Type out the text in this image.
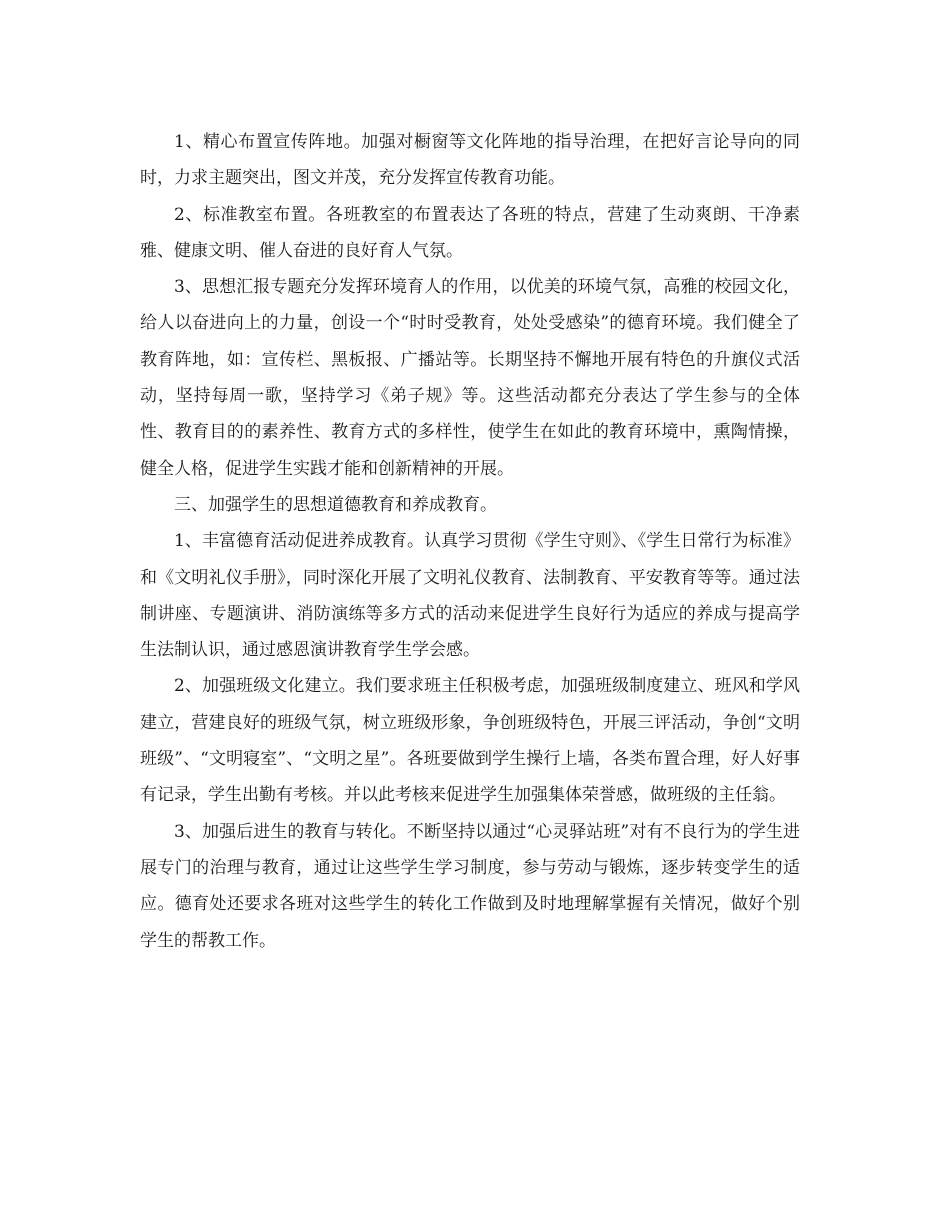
1、精心布置宣传阵地。加强对橱窗等文化阵地的指导治理，在把好言论导向的同时，力求主题突出，图文并茂，充分发挥宣传教育功能。

2、标准教室布置。各班教室的布置表达了各班的特点，营建了生动爽朗、干净素雅、健康文明、催人奋进的良好育人气氛。

3、思想汇报专题充分发挥环境育人的作用，以优美的环境气氛，高雅的校园文化，给人以奋进向上的力量，创设一个“时时受教育，处处受感染”的德育环境。我们健全了教育阵地，如：宣传栏、黑板报、广播站等。长期坚持不懈地开展有特色的升旗仪式活动，坚持每周一歌，坚持学习《弟子规》等。这些活动都充分表达了学生参与的全体性、教育目的的素养性、教育方式的多样性，使学生在如此的教育环境中，熏陶情操，健全人格，促进学生实践才能和创新精神的开展。

三、加强学生的思想道德教育和养成教育。

1、丰富德育活动促进养成教育。认真学习贯彻《学生守则》、《学生日常行为标准》和《文明礼仪手册》，同时深化开展了文明礼仪教育、法制教育、平安教育等等。通过法制讲座、专题演讲、消防演练等多方式的活动来促进学生良好行为适应的养成与提高学生法制认识，通过感恩演讲教育学生学会感。

2、加强班级文化建立。我们要求班主任积极考虑，加强班级制度建立、班风和学风建立，营建良好的班级气氛，树立班级形象，争创班级特色，开展三评活动，争创“文明班级”、“文明寝室”、“文明之星”。各班要做到学生操行上墙，各类布置合理，好人好事有记录，学生出勤有考核。并以此考核来促进学生加强集体荣誉感，做班级的主任翁。

3、加强后进生的教育与转化。不断坚持以通过“心灵驿站班”对有不良行为的学生进展专门的治理与教育，通过让这些学生学习制度，参与劳动与锻炼，逐步转变学生的适应。德育处还要求各班对这些学生的转化工作做到及时地理解掌握有关情况，做好个别学生的帮教工作。
